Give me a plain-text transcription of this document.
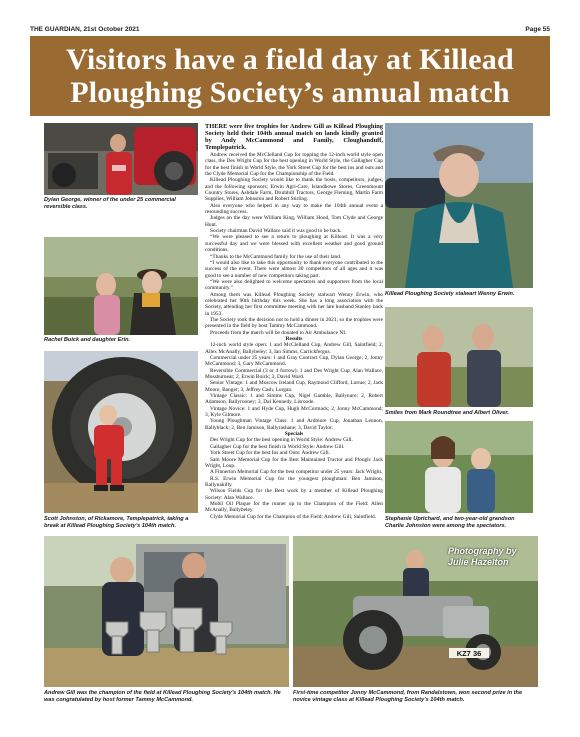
THE GUARDIAN, 21st October 2021	Page 55
Visitors have a field day at Killead
Ploughing Society’s annual match
Dylan George, winner of the under 25 commercial reversible class.
Rachel Buick and daughter Erin.
Scott Johnston, of Rickamore, Templepatrick, taking a break at Killead Ploughing Society’s 104th match.
Andrew Gill was the champion of the field at Killead Ploughing Society’s 104th match. He was congratulated by host former Tammy McCammond.

THERE were five trophies for Andrew Gill as Killead Ploughing Society held their 104th annual match on lands kindly granted by Andy McCammond and Family, Cloughanduff, Templepatrick.

Andrew received the McClelland Cup for topping the 12-inch world style open class, the Des Wright Cup for the best opening in World Style, the Gallagher Cup for the best finish in World Style, the York Street Cup for the best ins and outs and the Clyde Memorial Cup for the Championship of the Field.

Killead Ploughing Society would like to thank the hosts, competitors, judges, and the following sponsors; Erwin Agri-Care, Islandhowe Stores, Greenmount Country Stores, Ashdale Farm, Drumhill Tractors, George Fleming, Martin Farm Supplies, William Johnston and Robert Stirling.

Also everyone who helped in any way to make the 104th annual event a resounding success.

Judges on the day were William King, William Hood, Tom Clyde and George Hunt.

Society chairman David Wallace said it was good to be back.

“We were pleased to see a return to ploughing at Killead. It was a very successful day and we were blessed with excellent weather and good ground conditions.

“Thanks to the McCammond family for the use of their land.

“I would also like to take this opportunity to thank everyone contributed to the success of the event. There were almost 30 competitors of all ages and it was good to see a number of new competitors taking part.

“We were also delighted to welcome spectators and supporters from the local community.”

Among them was Killead Ploughing Society stalwart Wenny Erwin, who celebrated her 90th birthday this week. She has a long association with the Society, attending her first committee meeting with her late husband Stanley back in 1953.

The Society took the decision not to hold a dinner in 2021, so the trophies were presented in the field by host Tammy McCammond.

Proceeds from the match will be donated to Air Ambulance NI.

Results

12-inch world style open: 1 and McClelland Cup, Andrew Gill, Saintfield; 2, Allex McAnally, Ballybeley; 3, Ian Simms, Carrickfergus.

Commercial under 25 years: 1 and Gray Contract Cup, Dylan George; 2, Jonny McCammond; 3, Gary McCammond.

Reversible Commercial (3 or 4 furrow): 1 and Des Wright Cup, Alan Wallace, Mossburnear; 2, Erwin Buick; 3, David Ward.

Senior Vintage: 1 and Moscow Ireland Cup, Raymond Clifford, Lurrae; 2, Jack Moore, Banger; 3, Jeffrey Cash, Lurgan.

Vintage Classic: 1 and Simms Cup, Nigel Gamble, Ballynure; 2, Robert Adamson, Ballyrooney; 3, Dal Kennedy, Lisroode.

Vintage Novice: 1 and Hyde Cup, Hugh McCormack; 2, Jonny McCammond; 3, Kyle Gilmore.

Young Ploughman Vintage Class: 1 and Ardmore Cup, Jonathan Lennon, Ballyblack; 2, Ben Jamison, Ballyrashane; 3, David Taylor.

Specials

Des Wright Cup for the best opening in World Style: Andrew Gill.

Gallagher Cup for the best finish in World Style: Andrew Gill.

York Street Cup for the best Ins and Outs: Andrew Gill.

Sam Moore Memorial Cup for the Best Maintained Tractor and Plough: Jack Wright, Loup.

A Finnerton Memorial Cup for the best competitor under 25 years: Jack Wright.

R.S. Erwin Memorial Cup for the youngest ploughman: Ben Jamison, Ballynakilly.

Wilson Fields Cup for the Best work by a member of Killead Ploughing Society: Alan Wallace.

Mobil Oil Plaque for the runner up to the Champion of the Field: Allen McAnally, Ballybeley.

Clyde Memorial Cup for the Champion of the Field: Andrew Gill, Saintfield.

Killead Ploughing Society stalwart Wenny Erwin.
Smiles from Mark Roundtree and Albert Oliver.
Stephanie Uprichard, and two-year-old grandson Charlie Johnston were among the spectators.
KZ7 36
Photography by Julie Hazelton
First-time competitor Jonny McCammond, from Randalstown, won second prize in the novice vintage class at Killead Ploughing Society’s 104th match.
